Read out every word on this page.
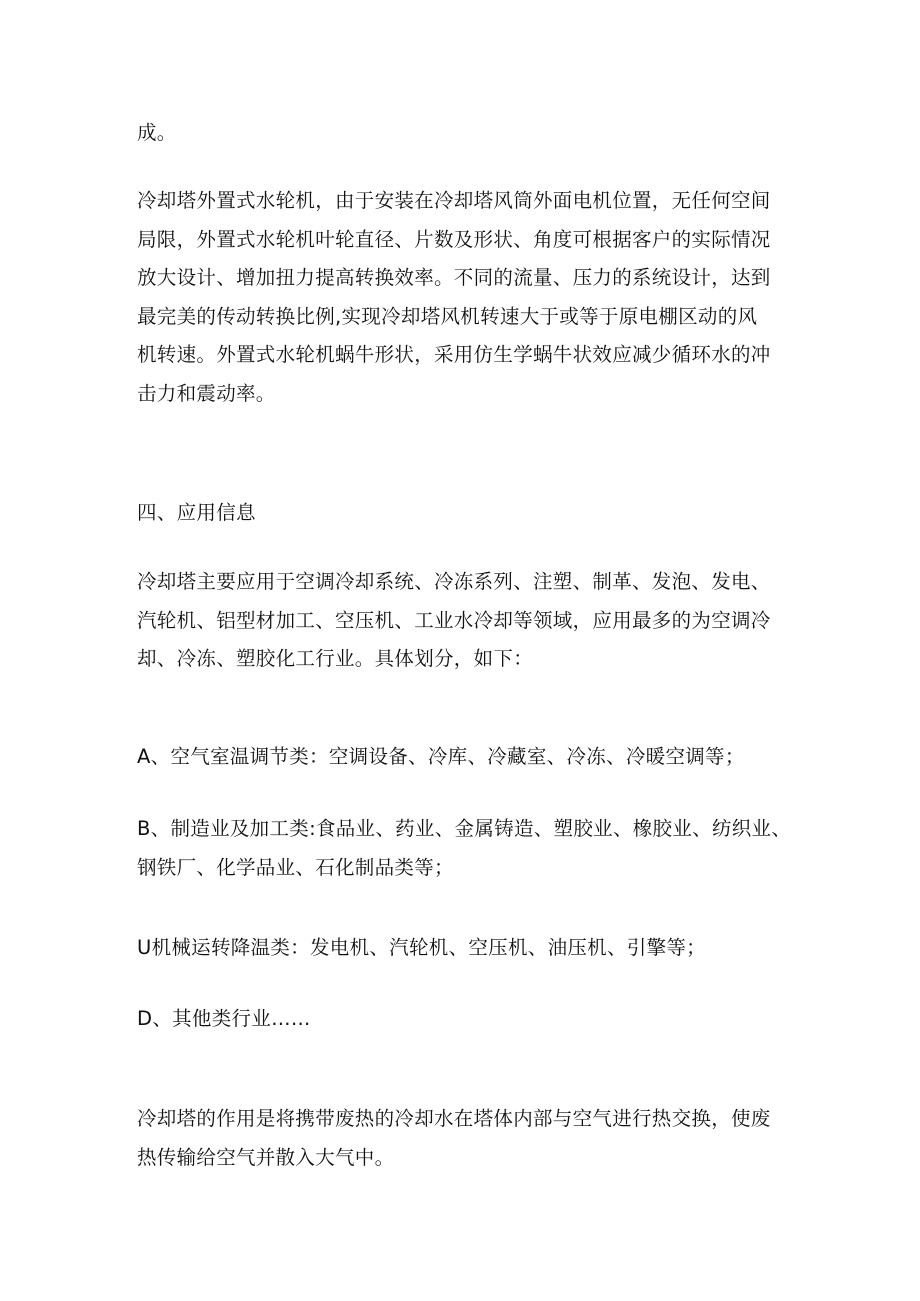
成。

冷却塔外置式水轮机，由于安装在冷却塔风筒外面电机位置，无任何空间
局限，外置式水轮机叶轮直径、片数及形状、角度可根据客户的实际情况
放大设计、增加扭力提高转换效率。不同的流量、压力的系统设计，达到
最完美的传动转换比例,实现冷却塔风机转速大于或等于原电棚区动的风
机转速。外置式水轮机蜗牛形状，采用仿生学蜗牛状效应减少循环水的冲
击力和震动率。

四、应用信息

冷却塔主要应用于空调冷却系统、冷冻系列、注塑、制革、发泡、发电、
汽轮机、铝型材加工、空压机、工业水冷却等领域，应用最多的为空调冷
却、冷冻、塑胶化工行业。具体划分，如下：

A、空气室温调节类：空调设备、冷库、冷藏室、冷冻、冷暖空调等；

B、制造业及加工类:食品业、药业、金属铸造、塑胶业、橡胶业、纺织业、
钢铁厂、化学品业、石化制品类等；

U机械运转降温类：发电机、汽轮机、空压机、油压机、引擎等；

D、其他类行业……

冷却塔的作用是将携带废热的冷却水在塔体内部与空气进行热交换，使废
热传输给空气并散入大气中。
